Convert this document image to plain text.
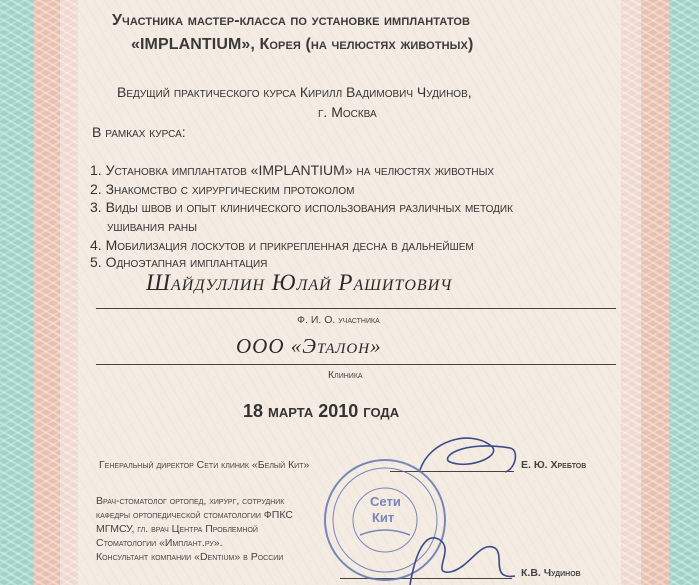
Участника мастер-класса по установке имплантатов
«IMPLANTIUM», Корея (на челюстях животных)
Ведущий практического курса Кирилл Вадимович Чудинов,
г. Москва
В рамках курса:
1. Установка имплантатов «IMPLANTIUM» на челюстях животных
2. Знакомство с хирургическим протоколом
3. Виды швов и опыт клинического использования различных методик
ушивания раны
4. Мобилизация лоскутов и прикрепленная десна в дальнейшем
5. Одноэтапная имплантация
Шайдуллин Юлай Рашитович
Ф. И. О. участника
ООО «Эталон»
Клиника
18 марта 2010 года
Генеральный директор Сети клиник «Белый Кит»	Е. Ю. Хребтов
Врач-стоматолог ортопед, хирург, сотрудник
кафедры ортопедической стоматологии ФПКС
МГМСУ, гл. врач Центра Проблемной
Стоматологии «Имплант.ру».
Консультант компании «Dentium» в России
К.В. Чудинов
Сети
Кит
